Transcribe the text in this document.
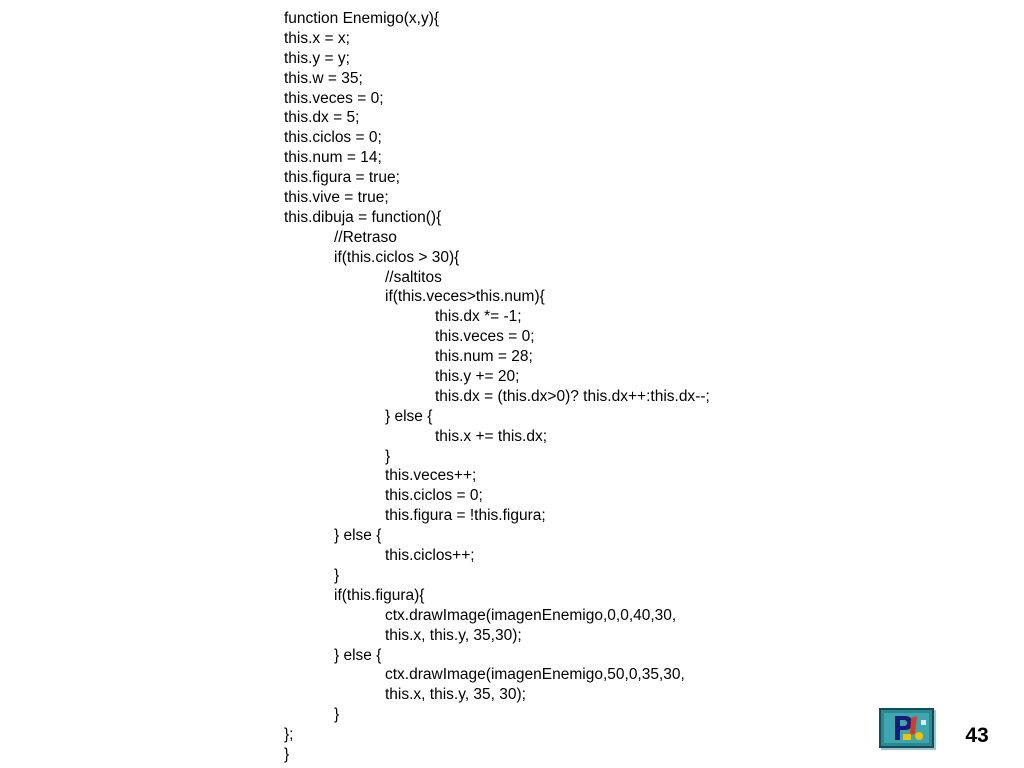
function Enemigo(x,y){
this.x = x;
this.y = y;
this.w = 35;
this.veces = 0;
this.dx = 5;
this.ciclos = 0;
this.num = 14;
this.figura = true;
this.vive = true;
this.dibuja = function(){
//Retraso
if(this.ciclos > 30){
//saltitos
if(this.veces>this.num){
this.dx *= -1;
this.veces = 0;
this.num = 28;
this.y += 20;
this.dx = (this.dx>0)? this.dx++:this.dx--;
} else {
this.x += this.dx;
}
this.veces++;
this.ciclos = 0;
this.figura = !this.figura;
} else {
this.ciclos++;
}
if(this.figura){
ctx.drawImage(imagenEnemigo,0,0,40,30,
this.x, this.y, 35,30);
} else {
ctx.drawImage(imagenEnemigo,50,0,35,30,
this.x, this.y, 35, 30);
}
};
}
43
